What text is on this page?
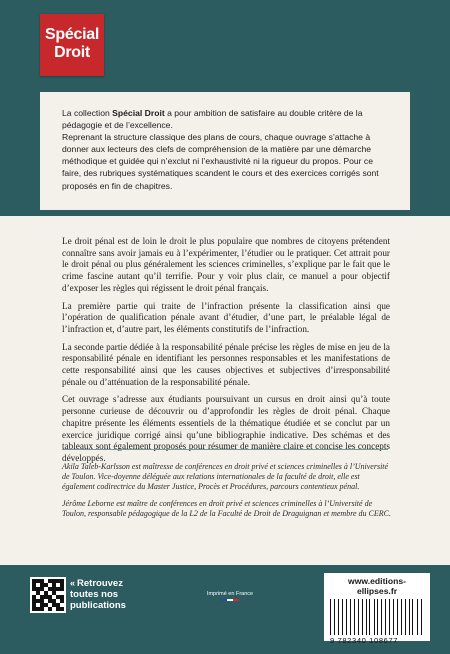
Spécial
Droit

La collection Spécial Droit a pour ambition de satisfaire au double critère de la pédagogie et de l’excellence.

Reprenant la structure classique des plans de cours, chaque ouvrage s’attache à donner aux lecteurs des clefs de compréhension de la matière par une démarche méthodique et guidée qui n’exclut ni l’exhaustivité ni la rigueur du propos. Pour ce faire, des rubriques systématiques scandent le cours et des exercices corrigés sont proposés en fin de chapitres.

Le droit pénal est de loin le droit le plus populaire que nombres de citoyens prétendent connaître sans avoir jamais eu à l’expérimenter, l’étudier ou le pratiquer. Cet attrait pour le droit pénal ou plus généralement les sciences criminelles, s’explique par le fait que le crime fascine autant qu’il terrifie. Pour y voir plus clair, ce manuel a pour objectif d’exposer les règles qui régissent le droit pénal français.

La première partie qui traite de l’infraction présente la classification ainsi que l’opération de qualification pénale avant d’étudier, d’une part, le préalable légal de l’infraction et, d’autre part, les éléments constitutifs de l’infraction.

La seconde partie dédiée à la responsabilité pénale précise les règles de mise en jeu de la responsabilité pénale en identifiant les personnes responsables et les manifestations de cette responsabilité ainsi que les causes objectives et subjectives d’irresponsabilité pénale ou d’atténuation de la responsabilité pénale.

Cet ouvrage s’adresse aux étudiants poursuivant un cursus en droit ainsi qu’à toute personne curieuse de découvrir ou d’approfondir les règles de droit pénal. Chaque chapitre présente les éléments essentiels de la thématique étudiée et se conclut par un exercice juridique corrigé ainsi qu’une bibliographie indicative. Des schémas et des tableaux sont également proposés pour résumer de manière claire et concise les concepts développés.

Akila Taleb-Karlsson est maîtresse de conférences en droit privé et sciences criminelles à l’Université de Toulon. Vice-doyenne déléguée aux relations internationales de la faculté de droit, elle est également codirectrice du Master Justice, Procès et Procédures, parcours contentieux pénal.

Jérôme Leborne est maître de conférences en droit privé et sciences criminelles à l’Université de Toulon, responsable pédagogique de la L2 de la Faculté de Droit de Draguignan et membre du CERC.

« Retrouvez
toutes nos
publications
Imprimé en France
www.editions-ellipses.fr
9 782340 108677
